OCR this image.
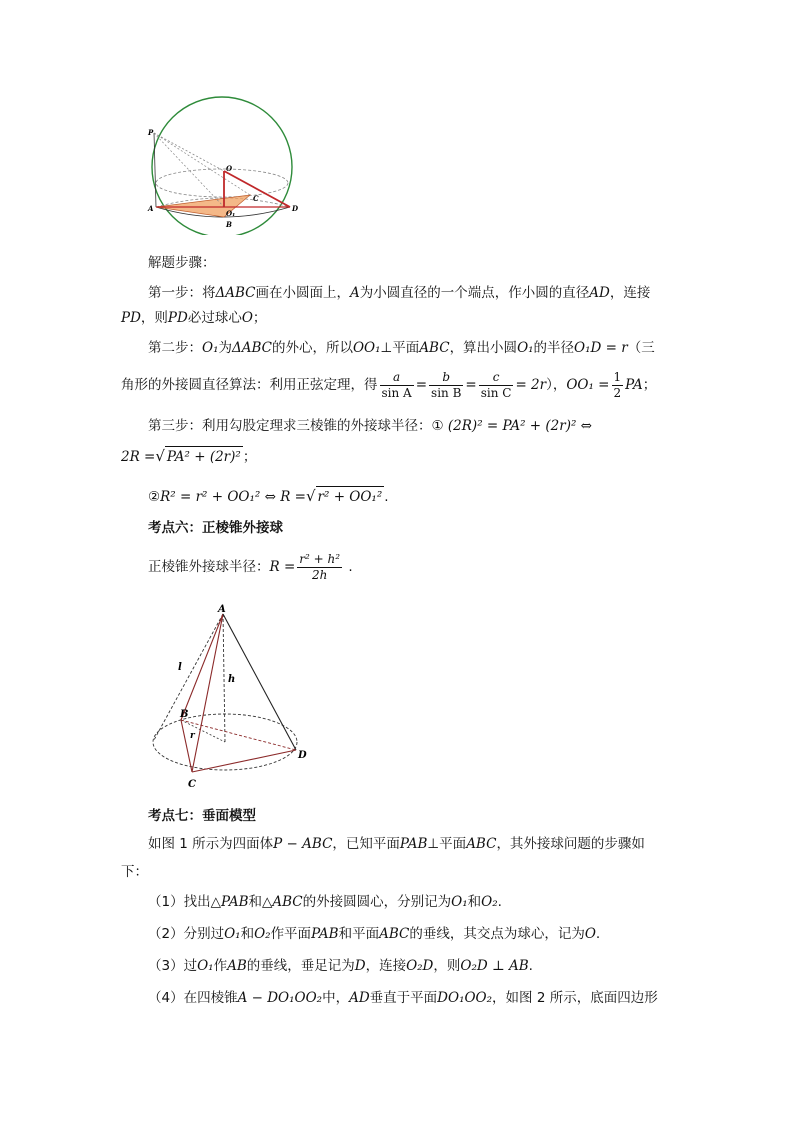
P
O
C
A
O₁
B
D
解题步骤：
第一步：将ΔABC画在小圆面上，A为小圆直径的一个端点，作小圆的直径AD，连接
PD，则PD必过球心O；
第二步：O₁为ΔABC的外心，所以OO₁⊥平面ABC，算出小圆O₁的半径O₁D = r（三
角形的外接圆直径算法：利用正弦定理，得 $\frac{a}{\text{sin A}} = \frac{b}{\text{sin B}} = \frac{c}{\text{sin C}} = 2r$），$OO_1 = \frac{1}{2}$ PA；
第三步：利用勾股定理求三棱锥的外接球半径：① (2R)² = PA² + (2r)² ⇔
2R =√ PA² + (2r)² ；
②R² = r² + OO₁² ⇔ R =√ r² + OO₁² .
考点六：正棱锥外接球
正棱锥外接球半径：$R = \frac{\text{r² + h²}}{2h}$ .
A
l
h
B
r
D
C
考点七：垂面模型
如图 1 所示为四面体P − ABC，已知平面PAB⊥平面ABC，其外接球问题的步骤如
下：
（1）找出△PAB和△ABC的外接圆圆心，分别记为O₁和O₂.
（2）分别过O₁和O₂作平面PAB和平面ABC的垂线，其交点为球心，记为O.
（3）过O₁作AB的垂线，垂足记为D，连接O₂D，则O₂D ⊥ AB.
（4）在四棱锥A − DO₁OO₂中，AD垂直于平面DO₁OO₂，如图 2 所示，底面四边形
